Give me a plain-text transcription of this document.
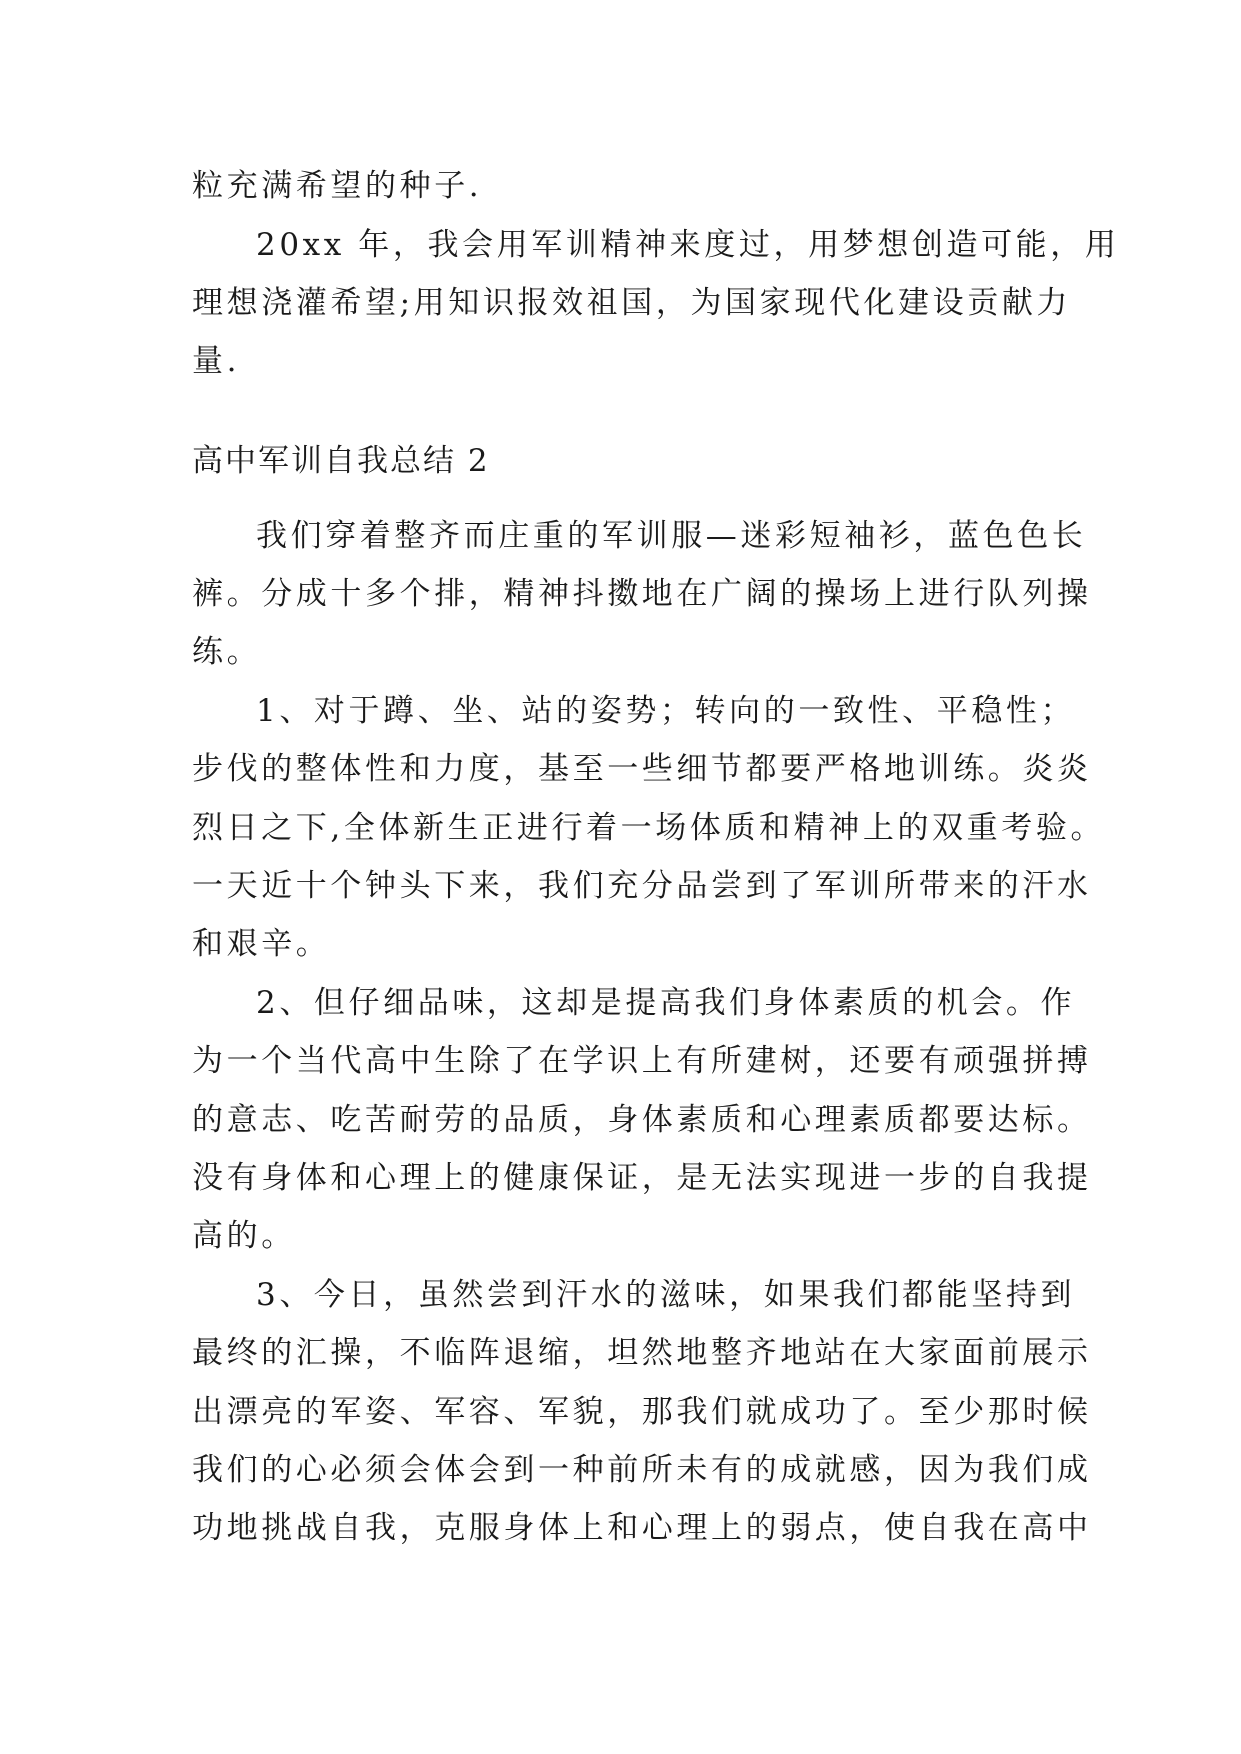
粒充满希望的种子.
20xx 年，我会用军训精神来度过，用梦想创造可能，用
理想浇灌希望;用知识报效祖国，为国家现代化建设贡献力
量.
高中军训自我总结 2
我们穿着整齐而庄重的军训服—迷彩短袖衫，蓝色色长
裤。分成十多个排，精神抖擞地在广阔的操场上进行队列操
练。
1、对于蹲、坐、站的姿势；转向的一致性、平稳性；
步伐的整体性和力度，基至一些细节都要严格地训练。炎炎
烈日之下,全体新生正进行着一场体质和精神上的双重考验。
一天近十个钟头下来，我们充分品尝到了军训所带来的汗水
和艰辛。
2、但仔细品味，这却是提高我们身体素质的机会。作
为一个当代高中生除了在学识上有所建树，还要有顽强拼搏
的意志、吃苦耐劳的品质，身体素质和心理素质都要达标。
没有身体和心理上的健康保证，是无法实现进一步的自我提
高的。
3、今日，虽然尝到汗水的滋味，如果我们都能坚持到
最终的汇操，不临阵退缩，坦然地整齐地站在大家面前展示
出漂亮的军姿、军容、军貌，那我们就成功了。至少那时候
我们的心必须会体会到一种前所未有的成就感，因为我们成
功地挑战自我，克服身体上和心理上的弱点，使自我在高中
